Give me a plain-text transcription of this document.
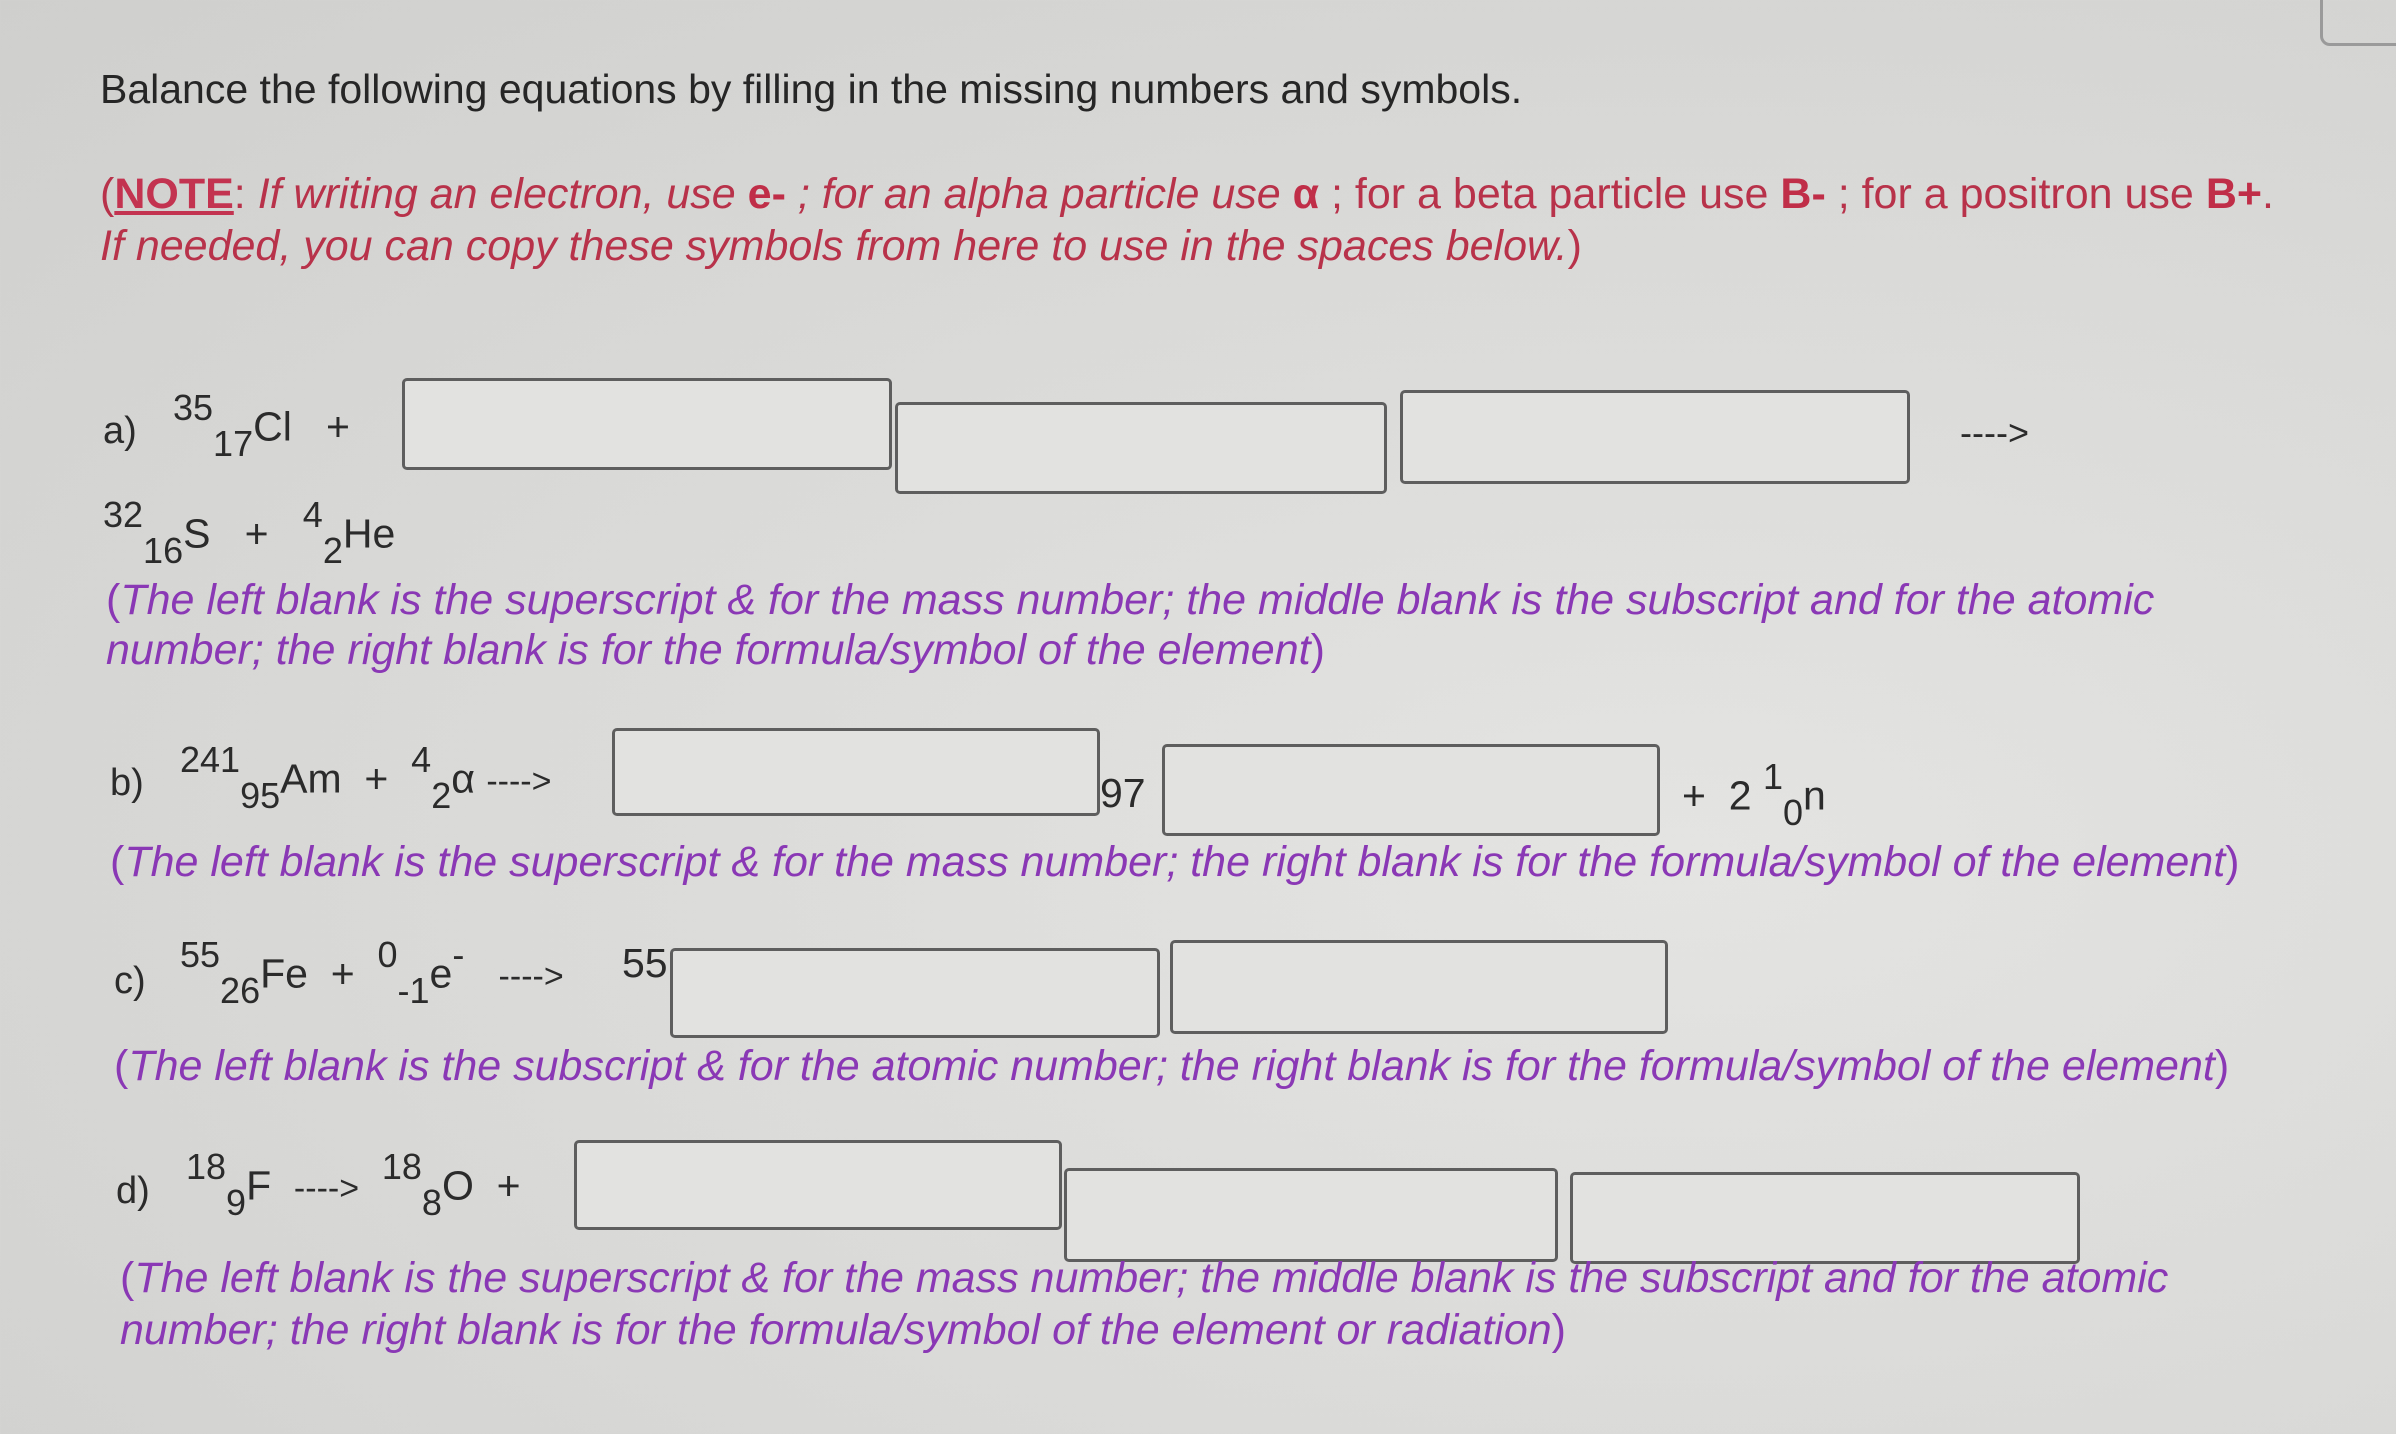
Balance the following equations by filling in the missing numbers and symbols.
(NOTE: If writing an electron, use e- ; for an alpha particle use α ; for a beta particle use B- ; for a positron use B+.
If needed, you can copy these symbols from here to use in the spaces below.)
a)
$^{35}_{17}$Cl +	---->
$^{32}_{16}$S + $^4_2$He
(The left blank is the superscript & for the mass number; the middle blank is the subscript and for the atomic
number; the right blank is for the formula/symbol of the element)
b)
$^{241}_{95}$Am + $^4_2$α ---->	97	+ 2 $^1_0$n
(The left blank is the superscript & for the mass number; the right blank is for the formula/symbol of the element)
c)
$^{55}_{26}$Fe + $^0_{-1}$e-   ----> 55
(The left blank is the subscript & for the atomic number; the right blank is for the formula/symbol of the element)
d)
$^{18}_9$F ---->  $^{18}_8$O +
(The left blank is the superscript & for the mass number; the middle blank is the subscript and for the atomic
number; the right blank is for the formula/symbol of the element or radiation)
